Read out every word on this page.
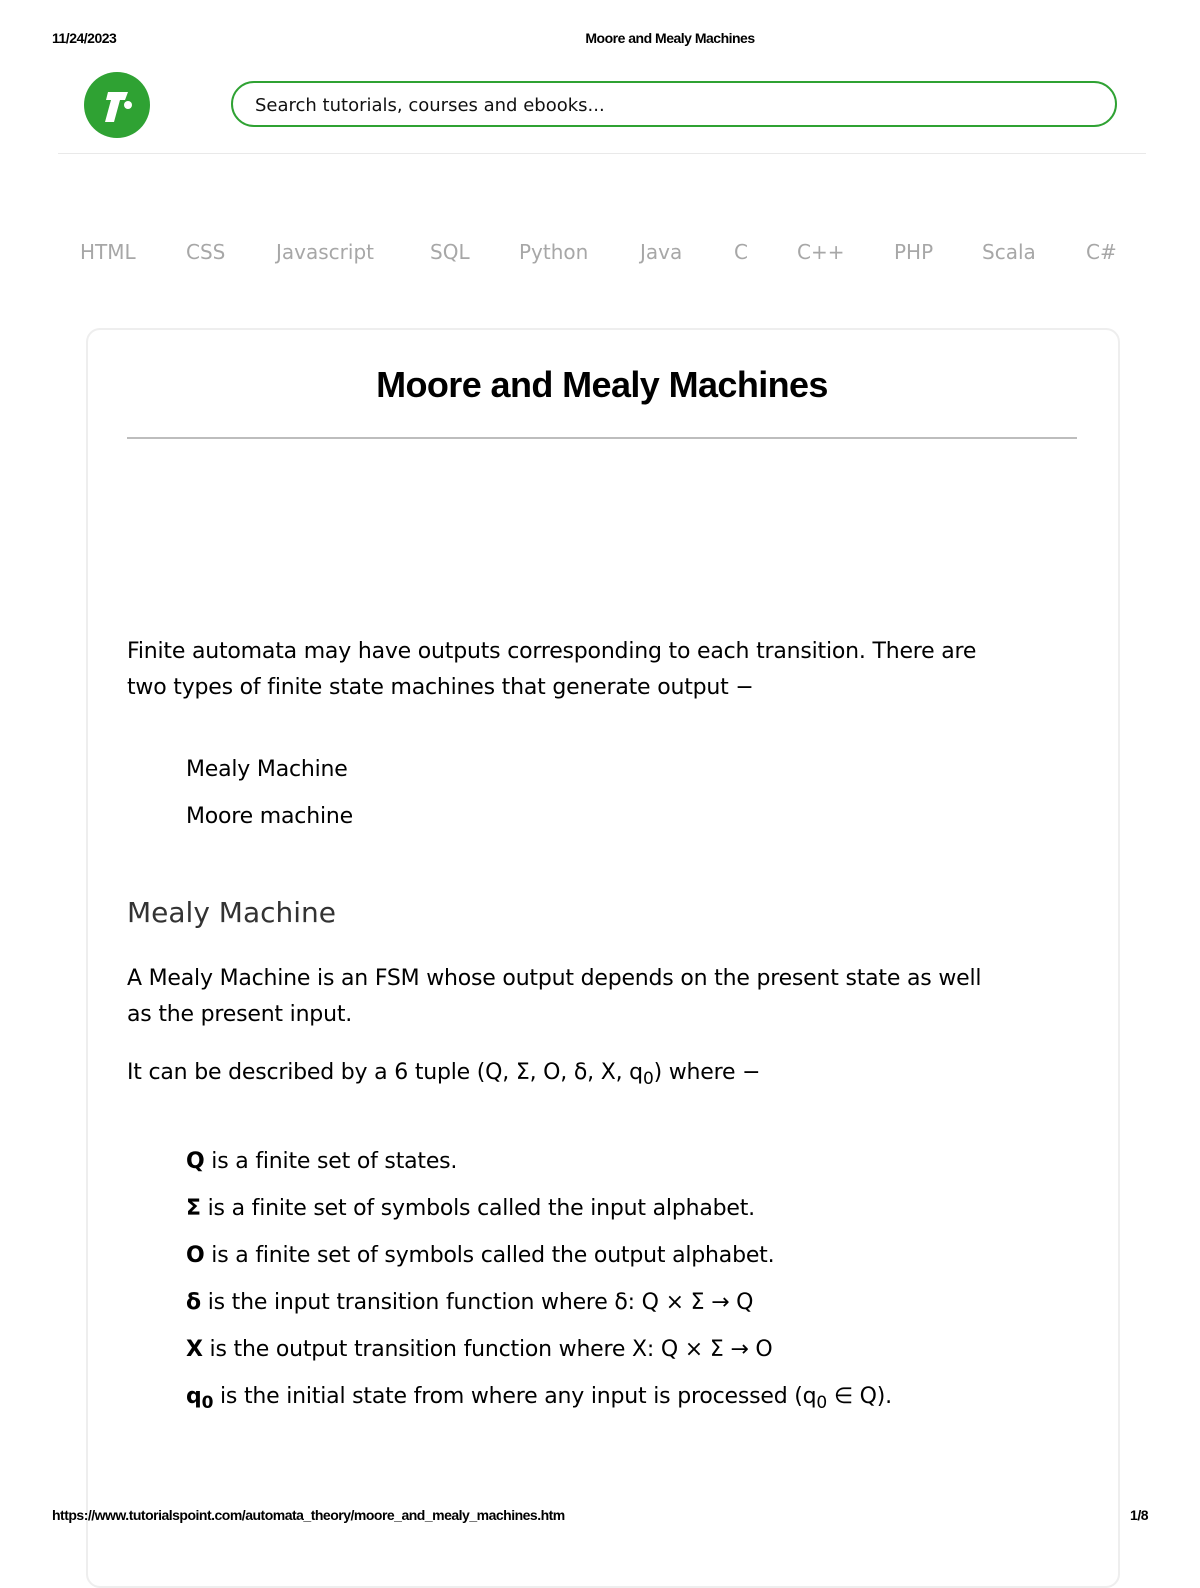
11/24/2023	Moore and Mealy Machines
Search tutorials, courses and ebooks...
HTML	CSS	Javascript	SQL Python	Java	C C++ PHP Scala	C#
Moore and Mealy Machines

Finite automata may have outputs corresponding to each transition. There are
two types of finite state machines that generate output −

Mealy Machine

Moore machine

Mealy Machine

A Mealy Machine is an FSM whose output depends on the present state as well
as the present input.

It can be described by a 6 tuple (Q, Σ, O, δ, X, $q_0$) where −

Q is a finite set of states.

Σ is a finite set of symbols called the input alphabet.

O is a finite set of symbols called the output alphabet.

δ is the input transition function where δ: Q × Σ → Q

X is the output transition function where X: Q × Σ → O

$q_0$ is the initial state from where any input is processed ($q_0$ ∈ Q).

https://www.tutorialspoint.com/automata_theory/moore_and_mealy_machines.htm	1/8
